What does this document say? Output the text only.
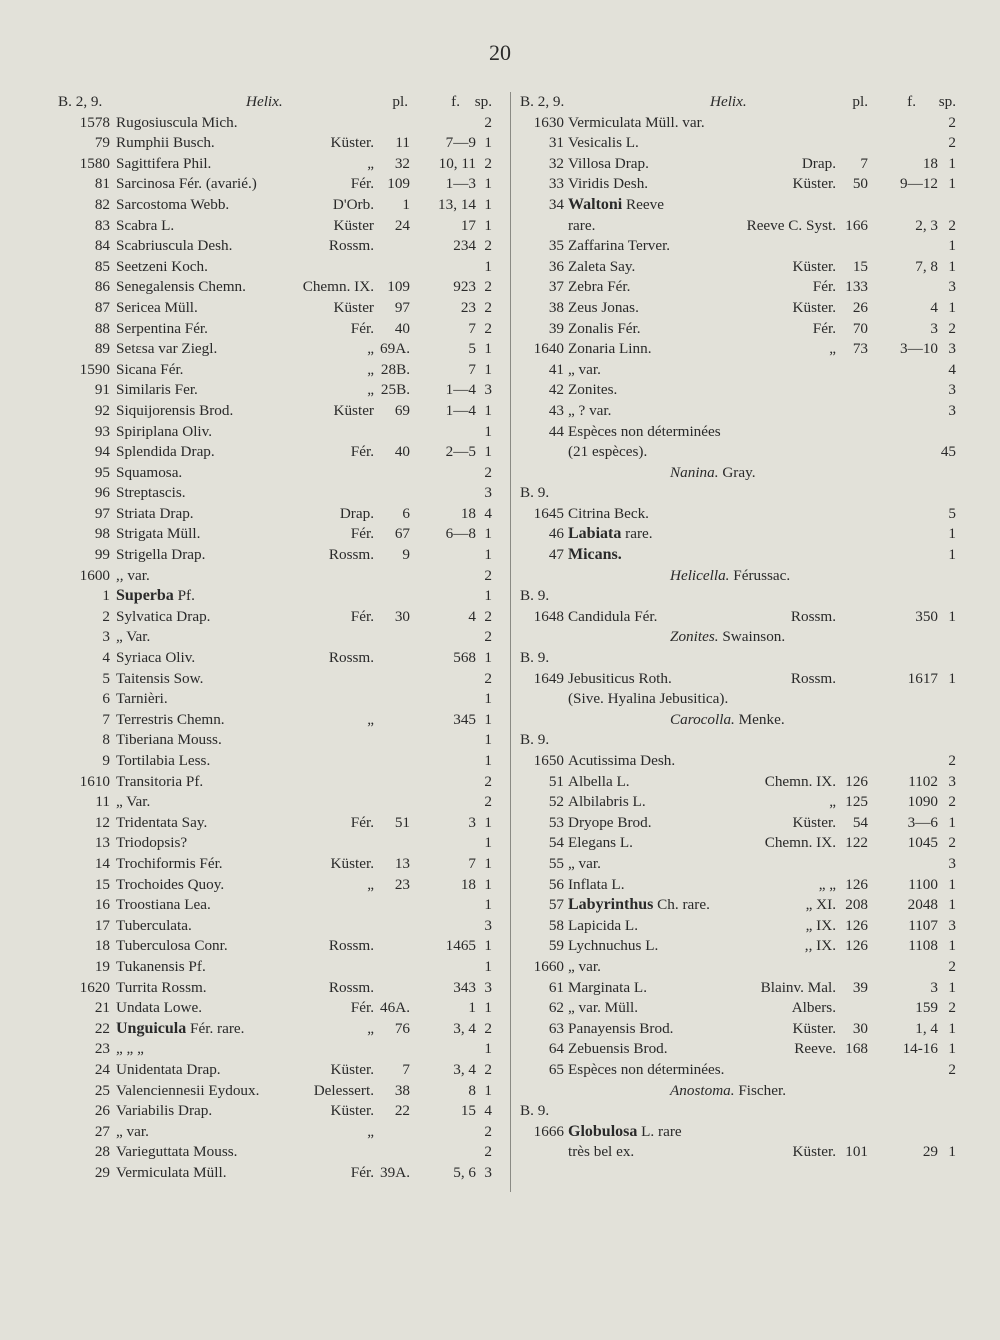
20
B. 2, 9.	Helix.	pl.	f. sp.
1578 Rugosiuscula Mich.	2
79 Rumphii Busch.	Küster.	11	7—9 1
1580 Sagittifera Phil.	„	32	10, 11 2
81 Sarcinosa Fér. (avarié.)	Fér. 109	1—3 1
82 Sarcostoma Webb.	D'Orb.	1	13, 14 1
83 Scabra L.	Küster	24	17 1
84 Scabriuscula Desh.	Rossm.	234 2
85 Seetzeni Koch.	1
86 Senegalensis Chemn.	Chemn. IX. 109	923 2
87 Sericea Müll.	Küster	97	23 2
88 Serpentina Fér.	Fér.	40	7 2
89 Setεsa var Ziegl.	„ 69A.	5 1
1590 Sicana Fér.	„ 28B.	7 1
91 Similaris Fer.	„ 25B.	1—4 3
92 Siquijorensis Brod.	Küster	69	1—4 1
93 Spiriplana Oliv.	1
94 Splendida Drap.	Fér.	40	2—5 1
95 Squamosa.	2
96 Streptascis.	3
97 Striata Drap.	Drap.	6	18 4
98 Strigata Müll.	Fér.	67	6—8 1
99 Strigella Drap.	Rossm.	9	1
1600 ,, var.	2
1 Superba Pf.	1
2 Sylvatica Drap.	Fér.	30	4 2
3 „ Var.	2
4 Syriaca Oliv.	Rossm.	568 1
5 Taitensis Sow.	2
6 Tarnièri.	1
7 Terrestris Chemn.	„	345 1
8 Tiberiana Mouss.	1
9 Tortilabia Less.	1
1610 Transitoria Pf.	2
11 „ Var.	2
12 Tridentata Say.	Fér.	51	3 1
13 Triodopsis?	1
14 Trochiformis Fér.	Küster.	13	7 1
15 Trochoides Quoy.	„	23	18 1
16 Troostiana Lea.	1
17 Tuberculata.	3
18 Tuberculosa Conr.	Rossm.	1465 1
19 Tukanensis Pf.	1
1620 Turrita Rossm.	Rossm.	343 3
21 Undata Lowe.	Fér. 46A.	1 1
22 Unguicula Fér. rare.	„	76	3, 4 2
23 „ „ „	1
24 Unidentata Drap.	Küster.	7	3, 4 2
25 Valenciennesii Eydoux.	Delessert.	38	8 1
26 Variabilis Drap.	Küster.	22	15 4
27 „ var.	„	2
28 Varieguttata Mouss.	2
29 Vermiculata Müll.	Fér. 39A.	5, 6 3
B. 2, 9.	Helix.	pl.	f. sp.
1630 Vermiculata Müll. var.	2
31 Vesicalis L.	2
32 Villosa Drap.	Drap.	7	18 1
33 Viridis Desh.	Küster.	50	9—12 1
34 Waltoni Reeve
rare.	Reeve C. Syst. 166	2, 3 2
35 Zaffarina Terver.	1
36 Zaleta Say.	Küster.	15	7, 8 1
37 Zebra Fér.	Fér. 133	3
38 Zeus Jonas.	Küster.	26	4 1
39 Zonalis Fér.	Fér.	70	3 2
1640 Zonaria Linn.	„	73	3—10 3
41 „ var.	4
42 Zonites.	3
43 „ ? var.	3
44 Espèces non déterminées
(21 espèces).	45
Nanina. Gray.
B. 9.
1645 Citrina Beck.	5
46 Labiata rare.	1
47 Micans.	1
Helicella. Férussac.
B. 9.
1648 Candidula Fér.	Rossm.	350 1
Zonites. Swainson.
B. 9.
1649 Jebusiticus Roth.	Rossm.	1617 1
(Sive. Hyalina Jebusitica).
Carocolla. Menke.
B. 9.
1650 Acutissima Desh.	2
51 Albella L.	Chemn. IX. 126	1102 3
52 Albilabris L.	„ 125	1090 2
53 Dryope Brod.	Küster.	54	3—6 1
54 Elegans L.	Chemn. IX. 122	1045 2
55 „ var.	3
56 Inflata L.	„ „ 126	1100 1
57 Labyrinthus Ch. rare.	„ XI. 208	2048 1
58 Lapicida L.	„ IX. 126	1107 3
59 Lychnuchus L.	,, IX. 126	1108 1
1660 „ var.	2
61 Marginata L.	Blainv. Mal.	39	3 1
62 „ var. Müll.	Albers.	159 2
63 Panayensis Brod.	Küster.	30	1, 4 1
64 Zebuensis Brod.	Reeve. 168	14-16 1
65 Espèces non déterminées.	2
Anostoma. Fischer.
B. 9.
1666 Globulosa L. rare
très bel ex.	Küster. 101	29 1
